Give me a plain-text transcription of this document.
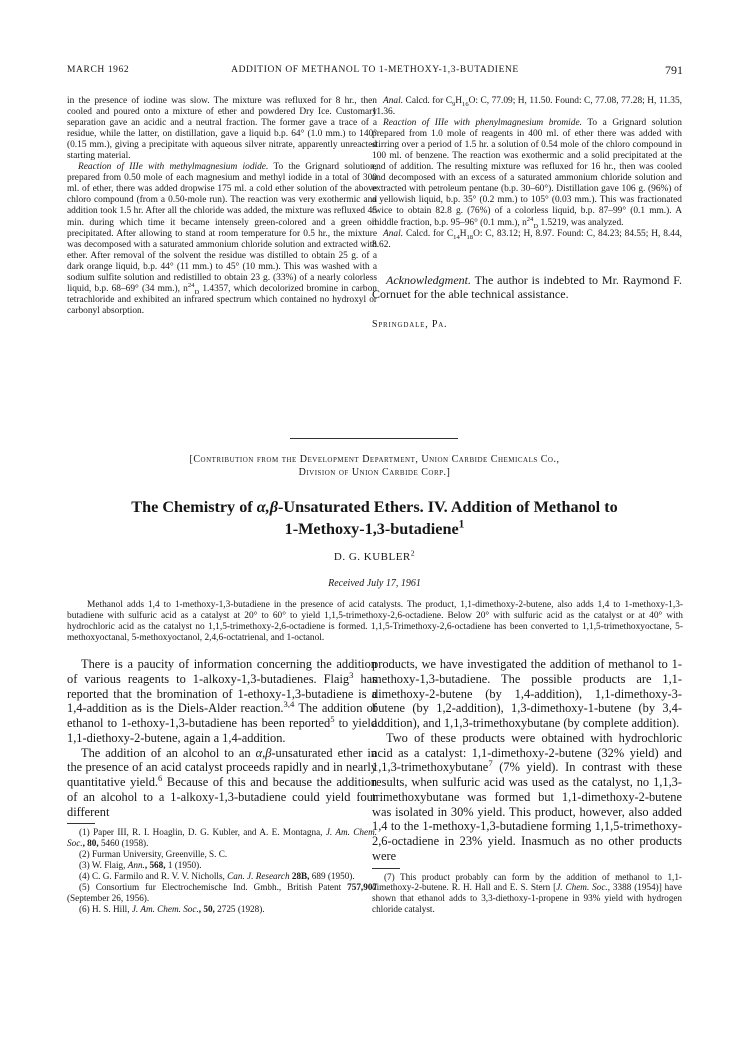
MARCH 1962	ADDITION OF METHANOL TO 1-METHOXY-1,3-BUTADIENE	791

in the presence of iodine was slow. The mixture was refluxed for 8 hr., then cooled and poured onto a mixture of ether and powdered Dry Ice. Customary separation gave an acidic and a neutral fraction. The former gave a trace of a residue, while the latter, on distillation, gave a liquid b.p. 64° (1.0 mm.) to 140° (0.15 mm.), giving a precipitate with aqueous silver nitrate, apparently unreacted starting material.

Reaction of IIIe with methylmagnesium iodide. To the Grignard solution, prepared from 0.50 mole of each magnesium and methyl iodide in a total of 300 ml. of ether, there was added dropwise 175 ml. a cold ether solution of the above chloro compound (from a 0.50-mole run). The reaction was very exothermic and addition took 1.5 hr. After all the chloride was added, the mixture was refluxed 45 min. during which time it became intensely green-colored and a green oil precipitated. After allowing to stand at room temperature for 0.5 hr., the mixture was decomposed with a saturated ammonium chloride solution and extracted with ether. After removal of the solvent the residue was distilled to obtain 25 g. of a dark orange liquid, b.p. 44° (11 mm.) to 45° (10 mm.). This was washed with a sodium sulfite solution and redistilled to obtain 23 g. (33%) of a nearly colorless liquid, b.p. 68–69° (34 mm.), $n^{24}_D$ 1.4357, which decolorized bromine in carbon tetrachloride and exhibited an infrared spectrum which contained no hydroxyl or carbonyl absorption.

Anal. Calcd. for $C_9H_{16}O$: C, 77.09; H, 11.50. Found: C, 77.08, 77.28; H, 11.35, 11.36.

Reaction of IIIe with phenylmagnesium bromide. To a Grignard solution prepared from 1.0 mole of reagents in 400 ml. of ether there was added with stirring over a period of 1.5 hr. a solution of 0.54 mole of the chloro compound in 100 ml. of benzene. The reaction was exothermic and a solid precipitated at the end of addition. The resulting mixture was refluxed for 16 hr., then was cooled and decomposed with an excess of a saturated ammonium chloride solution and extracted with petroleum pentane (b.p. 30–60°). Distillation gave 106 g. (96%) of a yellowish liquid, b.p. 35° (0.2 mm.) to 105° (0.03 mm.). This was fractionated twice to obtain 82.8 g. (76%) of a colorless liquid, b.p. 87–99° (0.1 mm.). A middle fraction, b.p. 95–96° (0.1 mm.), $n^{24}_D$ 1.5219, was analyzed.

Anal. Calcd. for $C_{14}H_{18}O$: C, 83.12; H, 8.97. Found: C, 84.23; 84.55; H, 8.44, 8.62.

Acknowledgment. The author is indebted to Mr. Raymond F. Cornuet for the able technical assistance.

Springdale, Pa.

[Contribution from the Development Department, Union Carbide Chemicals Co.,
Division of Union Carbide Corp.]
The Chemistry of α,β-Unsaturated Ethers. IV. Addition of Methanol to
1-Methoxy-1,3-butadiene$^1$
D. G. KUBLER$^2$
Received July 17, 1961

Methanol adds 1,4 to 1-methoxy-1,3-butadiene in the presence of acid catalysts. The product, 1,1-dimethoxy-2-butene, also adds 1,4 to 1-methoxy-1,3-butadiene with sulfuric acid as a catalyst at 20° to 60° to yield 1,1,5-trimethoxy-2,6-octadiene. Below 20° with sulfuric acid as the catalyst or at 40° with hydrochloric acid as the catalyst no 1,1,5-trimethoxy-2,6-octadiene is formed. 1,1,5-Trimethoxy-2,6-octadiene has been converted to 1,1,5-trimethoxyoctane, 5-methoxyoctanal, 5-methoxyoctanol, 2,4,6-octatrienal, and 1-octanol.

There is a paucity of information concerning the addition of various reagents to 1-alkoxy-1,3-butadienes. Flaig$^3$ has reported that the bromination of 1-ethoxy-1,3-butadiene is a 1,4-addition as is the Diels-Alder reaction.$^{3,4}$ The addition of ethanol to 1-ethoxy-1,3-butadiene has been reported$^5$ to yield 1,1-diethoxy-2-butene, again a 1,4-addition.

The addition of an alcohol to an α,β-unsaturated ether in the presence of an acid catalyst proceeds rapidly and in nearly quantitative yield.$^6$ Because of this and because the addition of an alcohol to a 1-alkoxy-1,3-butadiene could yield four different

(1) Paper III, R. I. Hoaglin, D. G. Kubler, and A. E. Montagna, J. Am. Chem. Soc., 80, 5460 (1958).

(2) Furman University, Greenville, S. C.

(3) W. Flaig, Ann., 568, 1 (1950).

(4) C. G. Farmilo and R. V. V. Nicholls, Can. J. Research 28B, 689 (1950).

(5) Consortium fur Electrochemische Ind. Gmbh., British Patent 757,907 (September 26, 1956).

(6) H. S. Hill, J. Am. Chem. Soc., 50, 2725 (1928).

products, we have investigated the addition of methanol to 1-methoxy-1,3-butadiene. The possible products are 1,1-dimethoxy-2-butene (by 1,4-addition), 1,1-dimethoxy-3-butene (by 1,2-addition), 1,3-dimethoxy-1-butene (by 3,4-addition), and 1,1,3-trimethoxybutane (by complete addition).

Two of these products were obtained with hydrochloric acid as a catalyst: 1,1-dimethoxy-2-butene (32% yield) and 1,1,3-trimethoxybutane$^7$ (7% yield). In contrast with these results, when sulfuric acid was used as the catalyst, no 1,1,3-trimethoxybutane was formed but 1,1-dimethoxy-2-butene was isolated in 30% yield. This product, however, also added 1,4 to the 1-methoxy-1,3-butadiene forming 1,1,5-trimethoxy-2,6-octadiene in 23% yield. Inasmuch as no other products were

(7) This product probably can form by the addition of methanol to 1,1-dimethoxy-2-butene. R. H. Hall and E. S. Stern [J. Chem. Soc., 3388 (1954)] have shown that ethanol adds to 3,3-diethoxy-1-propene in 93% yield with hydrogen chloride catalyst.
